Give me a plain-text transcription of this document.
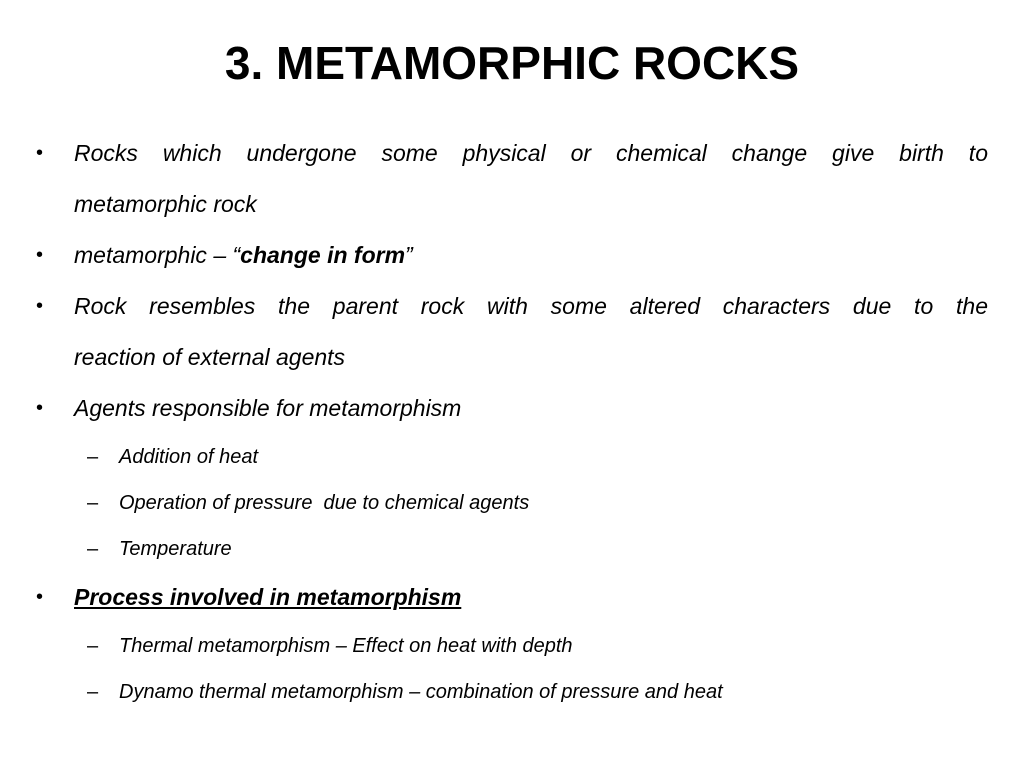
3. METAMORPHIC ROCKS
• Rocks which undergone some physical or chemical change give birth to
metamorphic rock
• metamorphic – “change in form”
• Rock resembles the parent rock with some altered characters due to the
reaction of external agents
• Agents responsible for metamorphism
– Addition of heat
– Operation of pressure  due to chemical agents
– Temperature
• Process involved in metamorphism
– Thermal metamorphism – Effect on heat with depth
– Dynamo thermal metamorphism – combination of pressure and heat
